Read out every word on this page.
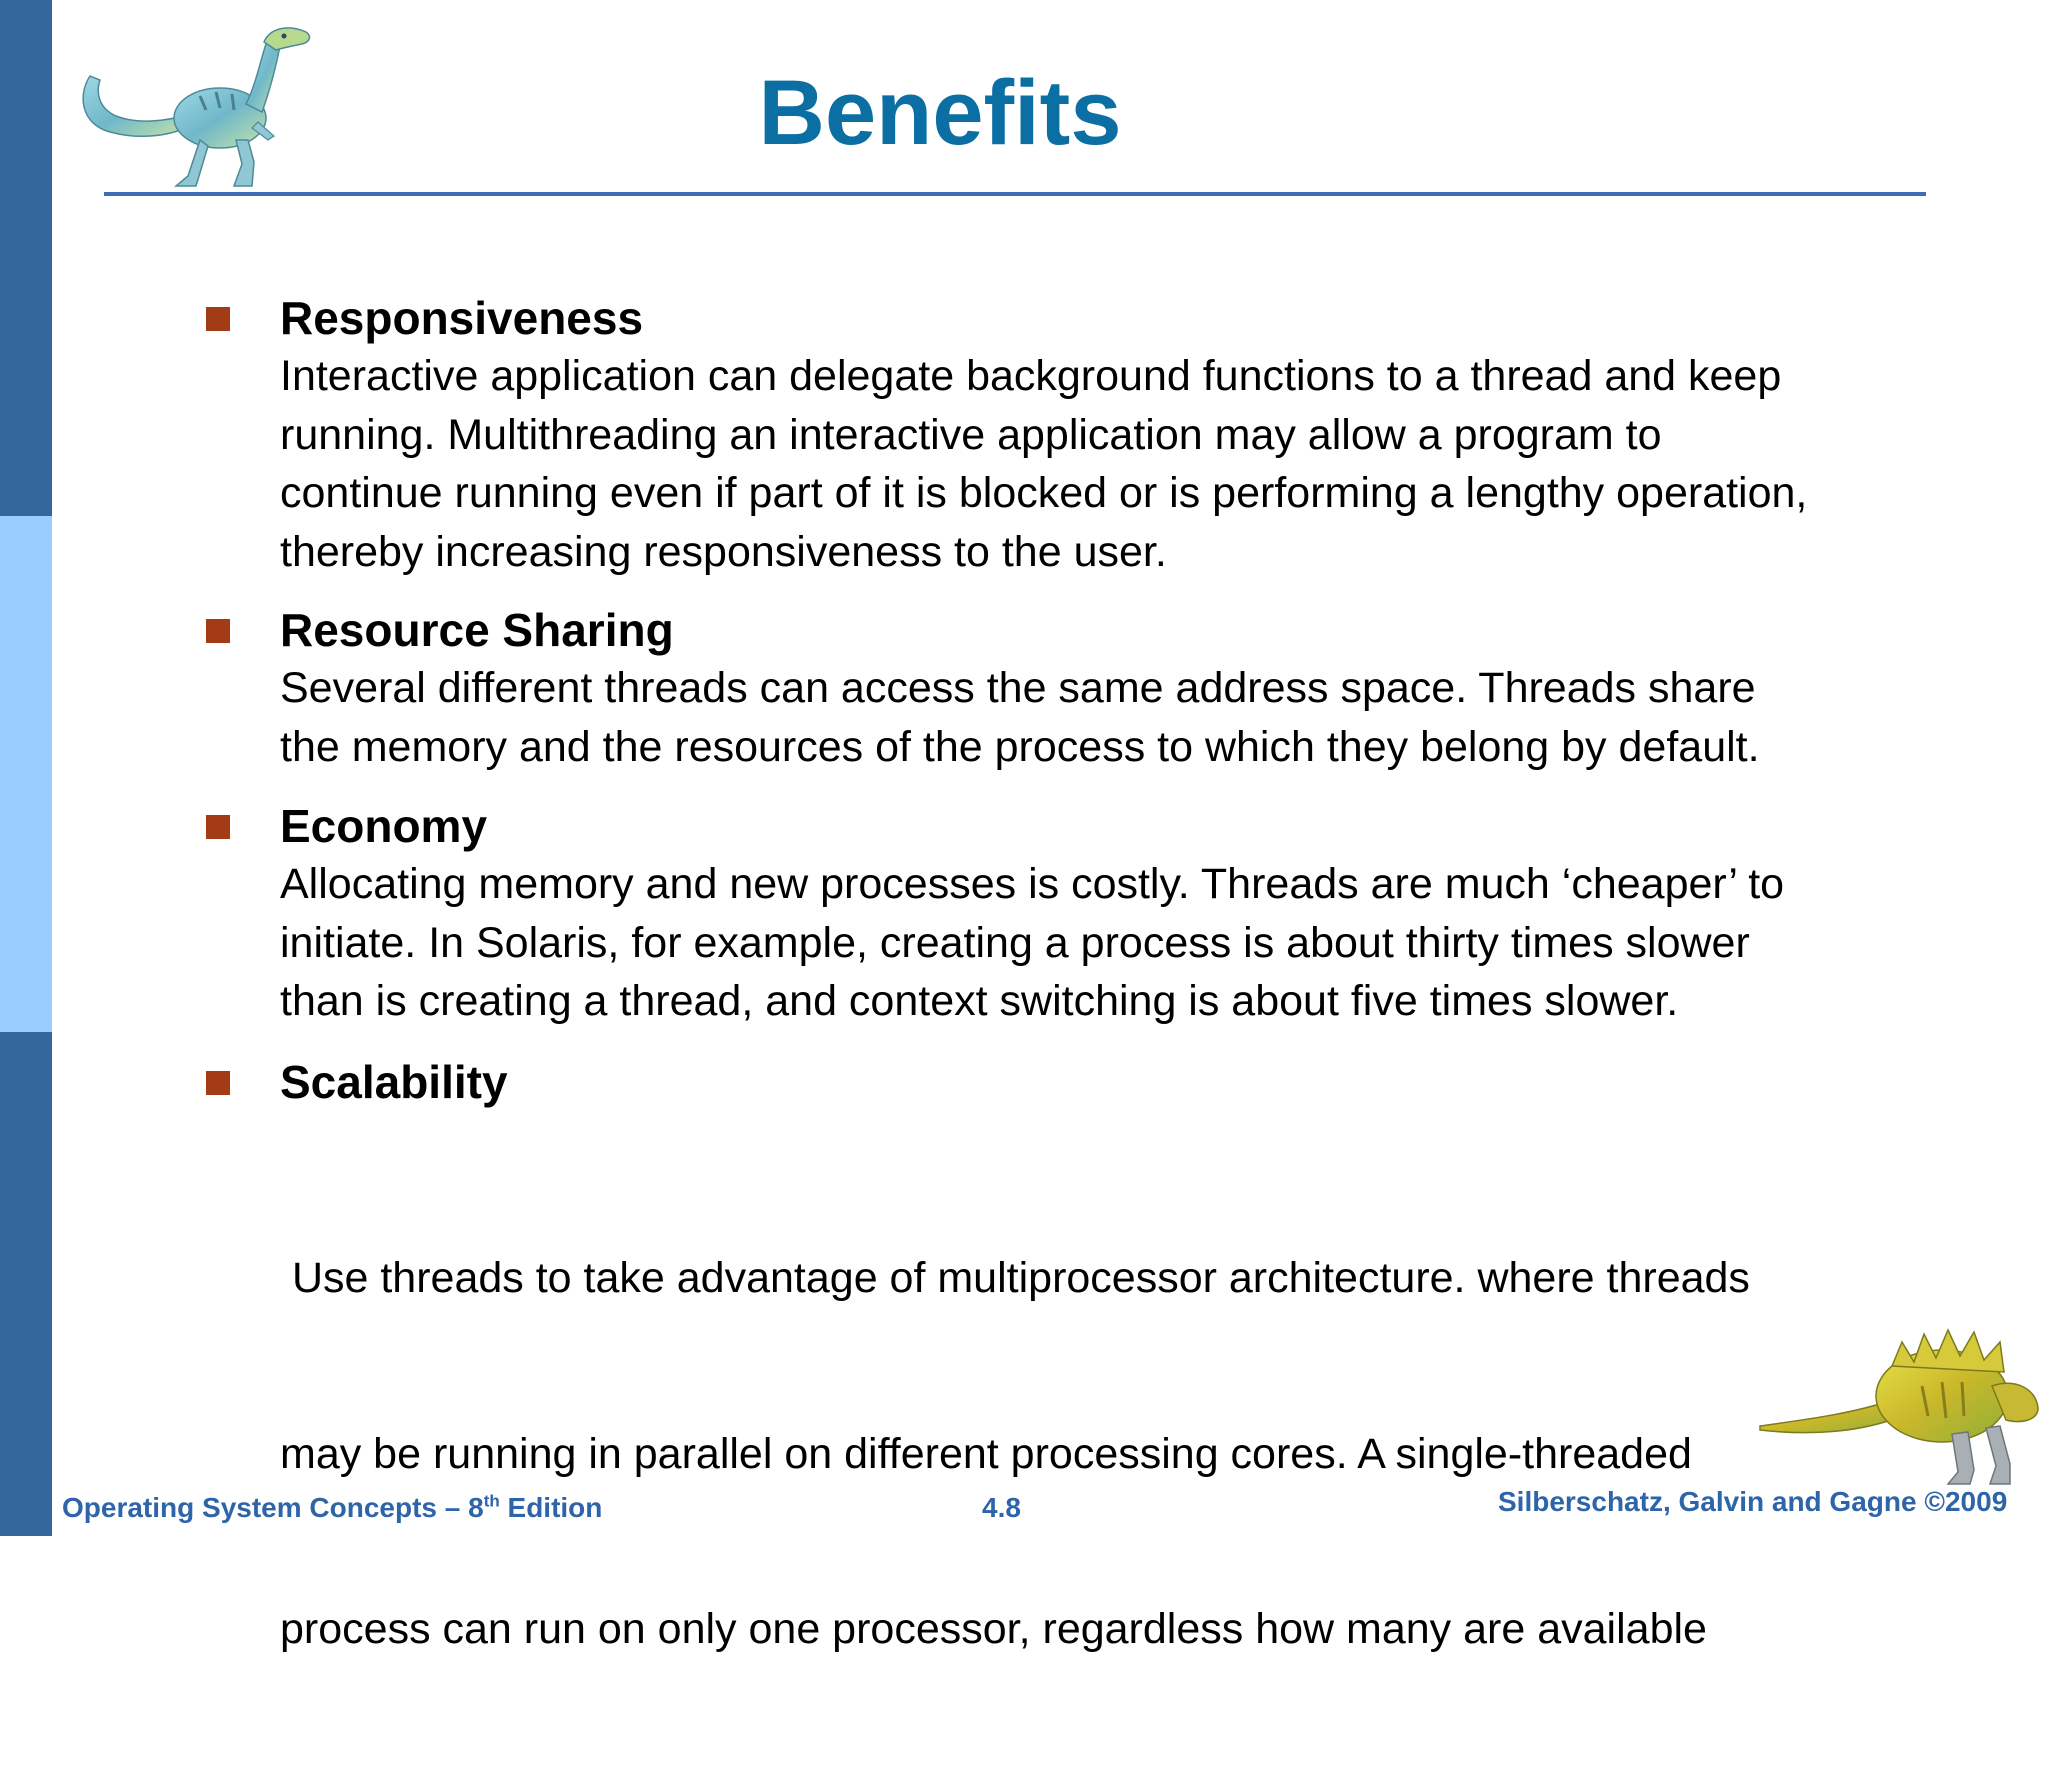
Benefits
Responsiveness
Interactive application can delegate background functions to a thread and keep
running. Multithreading an interactive application may allow a program to
continue running even if part of it is blocked or is performing a lengthy operation,
thereby increasing responsiveness to the user.
Resource Sharing
Several different threads can access the same address space. Threads share
the memory and the resources of the process to which they belong by default.
Economy
Allocating memory and new processes is costly. Threads are much ‘cheaper’ to
initiate. In Solaris, for example, creating a process is about thirty times slower
than is creating a thread, and context switching is about five times slower.
Scalability

Use threads to take advantage of multiprocessor architecture. where threads

may be running in parallel on different processing cores. A single-threaded

process can run on only one processor, regardless how many are available

Operating System Concepts – 8th Edition	4.8	Silberschatz, Galvin and Gagne ©2009
